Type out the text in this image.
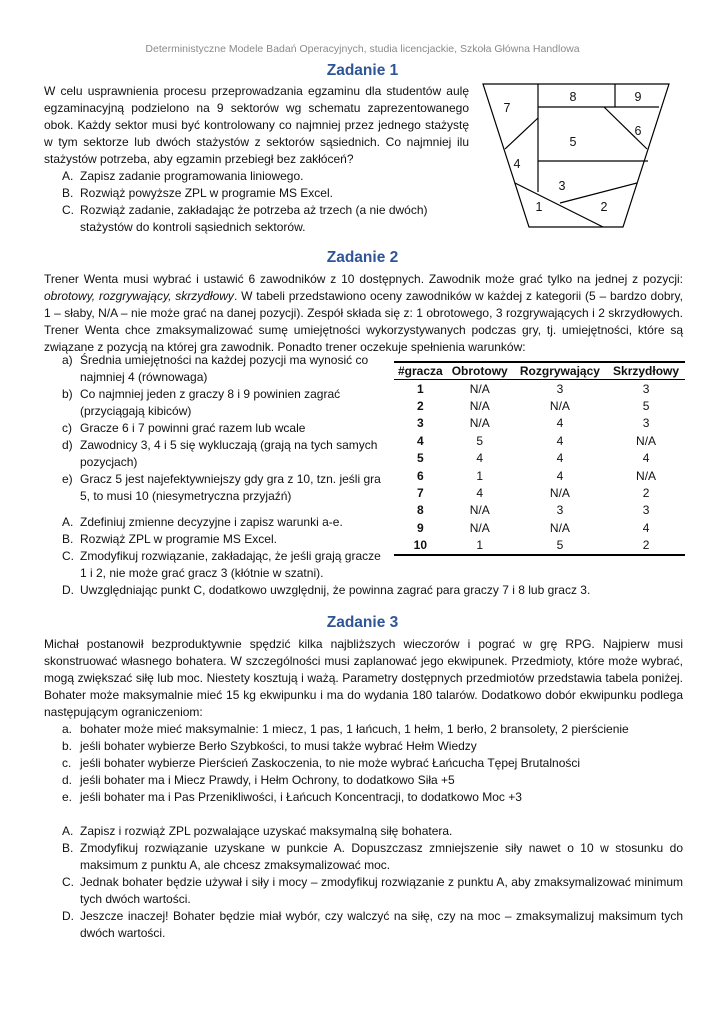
Deterministyczne Modele Badań Operacyjnych, studia licencjackie, Szkoła Główna Handlowa
Zadanie 1

W celu usprawnienia procesu przeprowadzania egzaminu dla studentów aulę egzaminacyjną podzielono na 9 sektorów wg schematu zaprezentowanego obok. Każdy sektor musi być kontrolowany co najmniej przez jednego stażystę w tym sektorze lub dwóch stażystów z sektorów sąsiednich. Co najmniej ilu stażystów potrzeba, aby egzamin przebiegł bez zakłóceń?

A. Zapisz zadanie programowania liniowego.
B. Rozwiąż powyższe ZPL w programie MS Excel.
C. Rozwiąż zadanie, zakładając że potrzeba aż trzech (a nie dwóch) stażystów do kontroli sąsiednich sektorów.
1	2
3
4
5
6
7
8	9
Zadanie 2

Trener Wenta musi wybrać i ustawić 6 zawodników z 10 dostępnych. Zawodnik może grać tylko na jednej z pozycji: obrotowy, rozgrywający, skrzydłowy. W tabeli przedstawiono oceny zawodników w każdej z kategorii (5 – bardzo dobry, 1 – słaby, N/A – nie może grać na danej pozycji). Zespół składa się z: 1 obrotowego, 3 rozgrywających i 2 skrzydłowych. Trener Wenta chce zmaksymalizować sumę umiejętności wykorzystywanych podczas gry, tj. umiejętności, które są związane z pozycją na której gra zawodnik. Ponadto trener oczekuje spełnienia warunków:

a) Średnia umiejętności na każdej pozycji ma wynosić co najmniej 4 (równowaga)
b) Co najmniej jeden z graczy 8 i 9 powinien zagrać (przyciągają kibiców)
c) Gracze 6 i 7 powinni grać razem lub wcale
d) Zawodnicy 3, 4 i 5 się wykluczają (grają na tych samych pozycjach)
e) Gracz 5 jest najefektywniejszy gdy gra z 10, tzn. jeśli gra 5, to musi 10 (niesymetryczna przyjaźń)
A. Zdefiniuj zmienne decyzyjne i zapisz warunki a-e.
B. Rozwiąż ZPL w programie MS Excel.
C. Zmodyfikuj rozwiązanie, zakładając, że jeśli grają gracze 1 i 2, nie może grać gracz 3 (kłótnie w szatni).
D. Uwzględniając punkt C, dodatkowo uwzględnij, że powinna zagrać para graczy 7 i 8 lub gracz 3.
#gracza	Obrotowy	Rozgrywający	Skrzydłowy
1	N/A	3	3
2	N/A	N/A	5
3	N/A	4	3
4	5	4	N/A
5	4	4	4
6	1	4	N/A
7	4	N/A	2
8	N/A	3	3
9	N/A	N/A	4
10	1	5	2
Zadanie 3

Michał postanowił bezproduktywnie spędzić kilka najbliższych wieczorów i pograć w grę RPG. Najpierw musi skonstruować własnego bohatera. W szczególności musi zaplanować jego ekwipunek. Przedmioty, które może wybrać, mogą zwiększać siłę lub moc. Niestety kosztują i ważą. Parametry dostępnych przedmiotów przedstawia tabela poniżej. Bohater może maksymalnie mieć 15 kg ekwipunku i ma do wydania 180 talarów. Dodatkowo dobór ekwipunku podlega następującym ograniczeniom:

a. bohater może mieć maksymalnie: 1 miecz, 1 pas, 1 łańcuch, 1 hełm, 1 berło, 2 bransolety, 2 pierścienie
b. jeśli bohater wybierze Berło Szybkości, to musi także wybrać Hełm Wiedzy
c. jeśli bohater wybierze Pierścień Zaskoczenia, to nie może wybrać Łańcucha Tępej Brutalności
d. jeśli bohater ma i Miecz Prawdy, i Hełm Ochrony, to dodatkowo Siła +5
e. jeśli bohater ma i Pas Przenikliwości, i Łańcuch Koncentracji, to dodatkowo Moc +3
A. Zapisz i rozwiąż ZPL pozwalające uzyskać maksymalną siłę bohatera.
B. Zmodyfikuj rozwiązanie uzyskane w punkcie A. Dopuszczasz zmniejszenie siły nawet o 10 w stosunku do maksimum z punktu A, ale chcesz zmaksymalizować moc.
C. Jednak bohater będzie używał i siły i mocy – zmodyfikuj rozwiązanie z punktu A, aby zmaksymalizować minimum tych dwóch wartości.
D. Jeszcze inaczej! Bohater będzie miał wybór, czy walczyć na siłę, czy na moc – zmaksymalizuj maksimum tych dwóch wartości.
